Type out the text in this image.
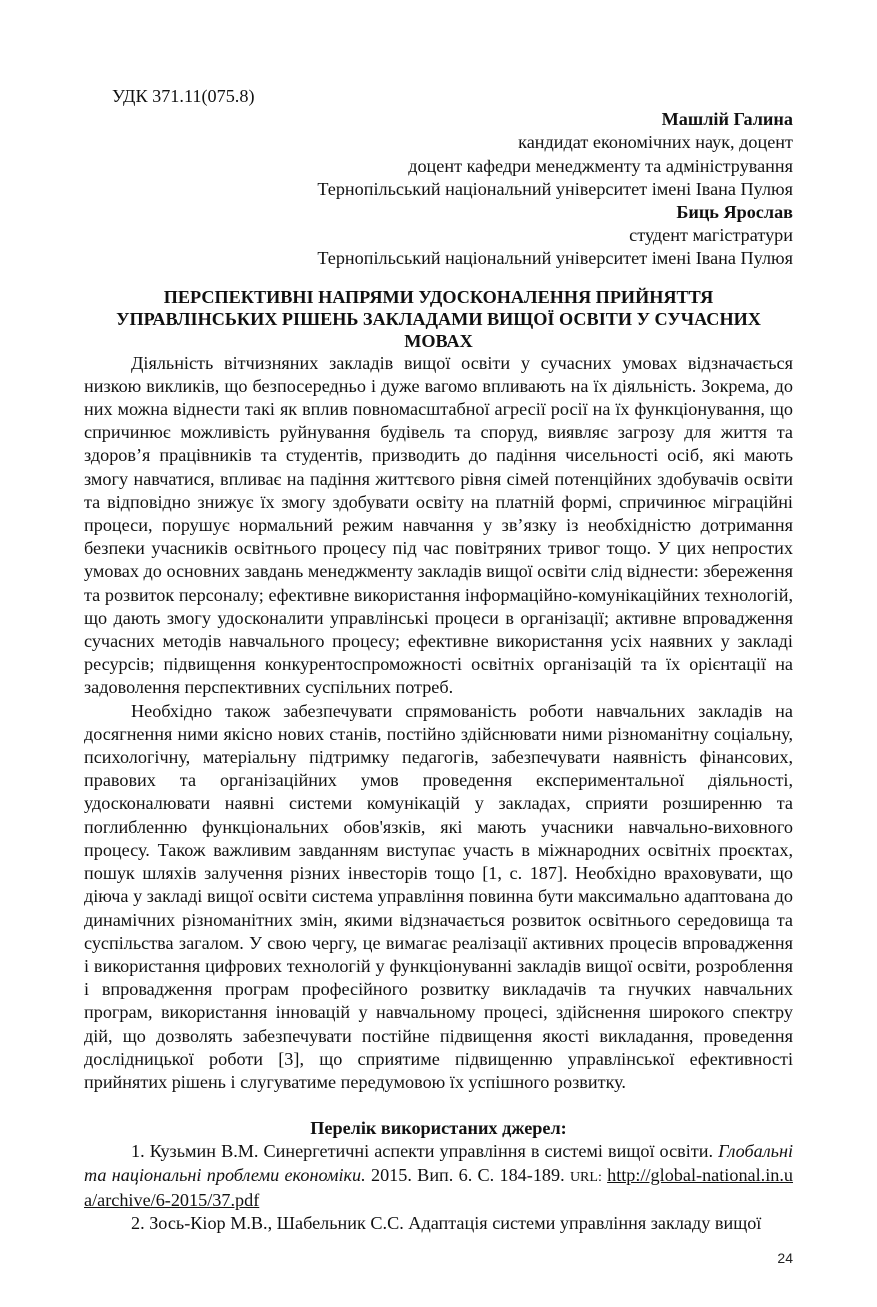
УДК 371.11(075.8)
Машлій Галина
кандидат економічних наук, доцент
доцент кафедри менеджменту та адміністрування
Тернопільський національний університет імені Івана Пулюя
Биць Ярослав
студент магістратури
Тернопільський національний університет імені Івана Пулюя
ПЕРСПЕКТИВНІ НАПРЯМИ УДОСКОНАЛЕННЯ ПРИЙНЯТТЯ
УПРАВЛІНСЬКИХ РІШЕНЬ ЗАКЛАДАМИ ВИЩОЇ ОСВІТИ У СУЧАСНИХ МОВАХ

Діяльність вітчизняних закладів вищої освіти у сучасних умовах відзначається низкою викликів, що безпосередньо і дуже вагомо впливають на їх діяльність. Зокрема, до них можна віднести такі як вплив повномасштабної агресії росії на їх функціонування, що спричинює можливість руйнування будівель та споруд, виявляє загрозу для життя та здоров’я працівників та студентів, призводить до падіння чисельності осіб, які мають змогу навчатися, впливає на падіння життєвого рівня сімей потенційних здобувачів освіти та відповідно знижує їх змогу здобувати освіту на платній формі, спричинює міграційні процеси, порушує нормальний режим навчання у зв’язку із необхідністю дотримання безпеки учасників освітнього процесу під час повітряних тривог тощо. У цих непростих умовах до основних завдань менеджменту закладів вищої освіти слід віднести: збереження та розвиток персоналу; ефективне використання інформаційно-комунікаційних технологій, що дають змогу удосконалити управлінські процеси в організації; активне впровадження сучасних методів навчального процесу; ефективне використання усіх наявних у закладі ресурсів; підвищення конкурентоспроможності освітніх організацій та їх орієнтації на задоволення перспективних суспільних потреб.

Необхідно також забезпечувати спрямованість роботи навчальних закладів на досягнення ними якісно нових станів, постійно здійснювати ними різноманітну соціальну, психологічну, матеріальну підтримку педагогів, забезпечувати наявність фінансових, правових та організаційних умов проведення експериментальної діяльності, удосконалювати наявні системи комунікацій у закладах, сприяти розширенню та поглибленню функціональних обов'язків, які мають учасники навчально-виховного процесу. Також важливим завданням виступає участь в міжнародних освітніх проєктах, пошук шляхів залучення різних інвесторів тощо [1, с. 187]. Необхідно враховувати, що діюча у закладі вищої освіти система управління повинна бути максимально адаптована до динамічних різноманітних змін, якими відзначається розвиток освітнього середовища та суспільства загалом. У свою чергу, це вимагає реалізації активних процесів впровадження і використання цифрових технологій у функціонуванні закладів вищої освіти, розроблення і впровадження програм професійного розвитку викладачів та гнучких навчальних програм, використання інновацій у навчальному процесі, здійснення широкого спектру дій, що дозволять забезпечувати постійне підвищення якості викладання, проведення дослідницької роботи [3], що сприятиме підвищенню управлінської ефективності прийнятих рішень і слугуватиме передумовою їх успішного розвитку.

Перелік використаних джерел:

1. Кузьмин В.М. Синергетичні аспекти управління в системі вищої освіти. Глобальні та національні проблеми економіки. 2015. Вип. 6. С. 184-189. URL: http://global-national.in.ua/archive/6-2015/37.pdf

2. Зось-Кіор М.В., Шабельник С.С. Адаптація системи управління закладу вищої

24
